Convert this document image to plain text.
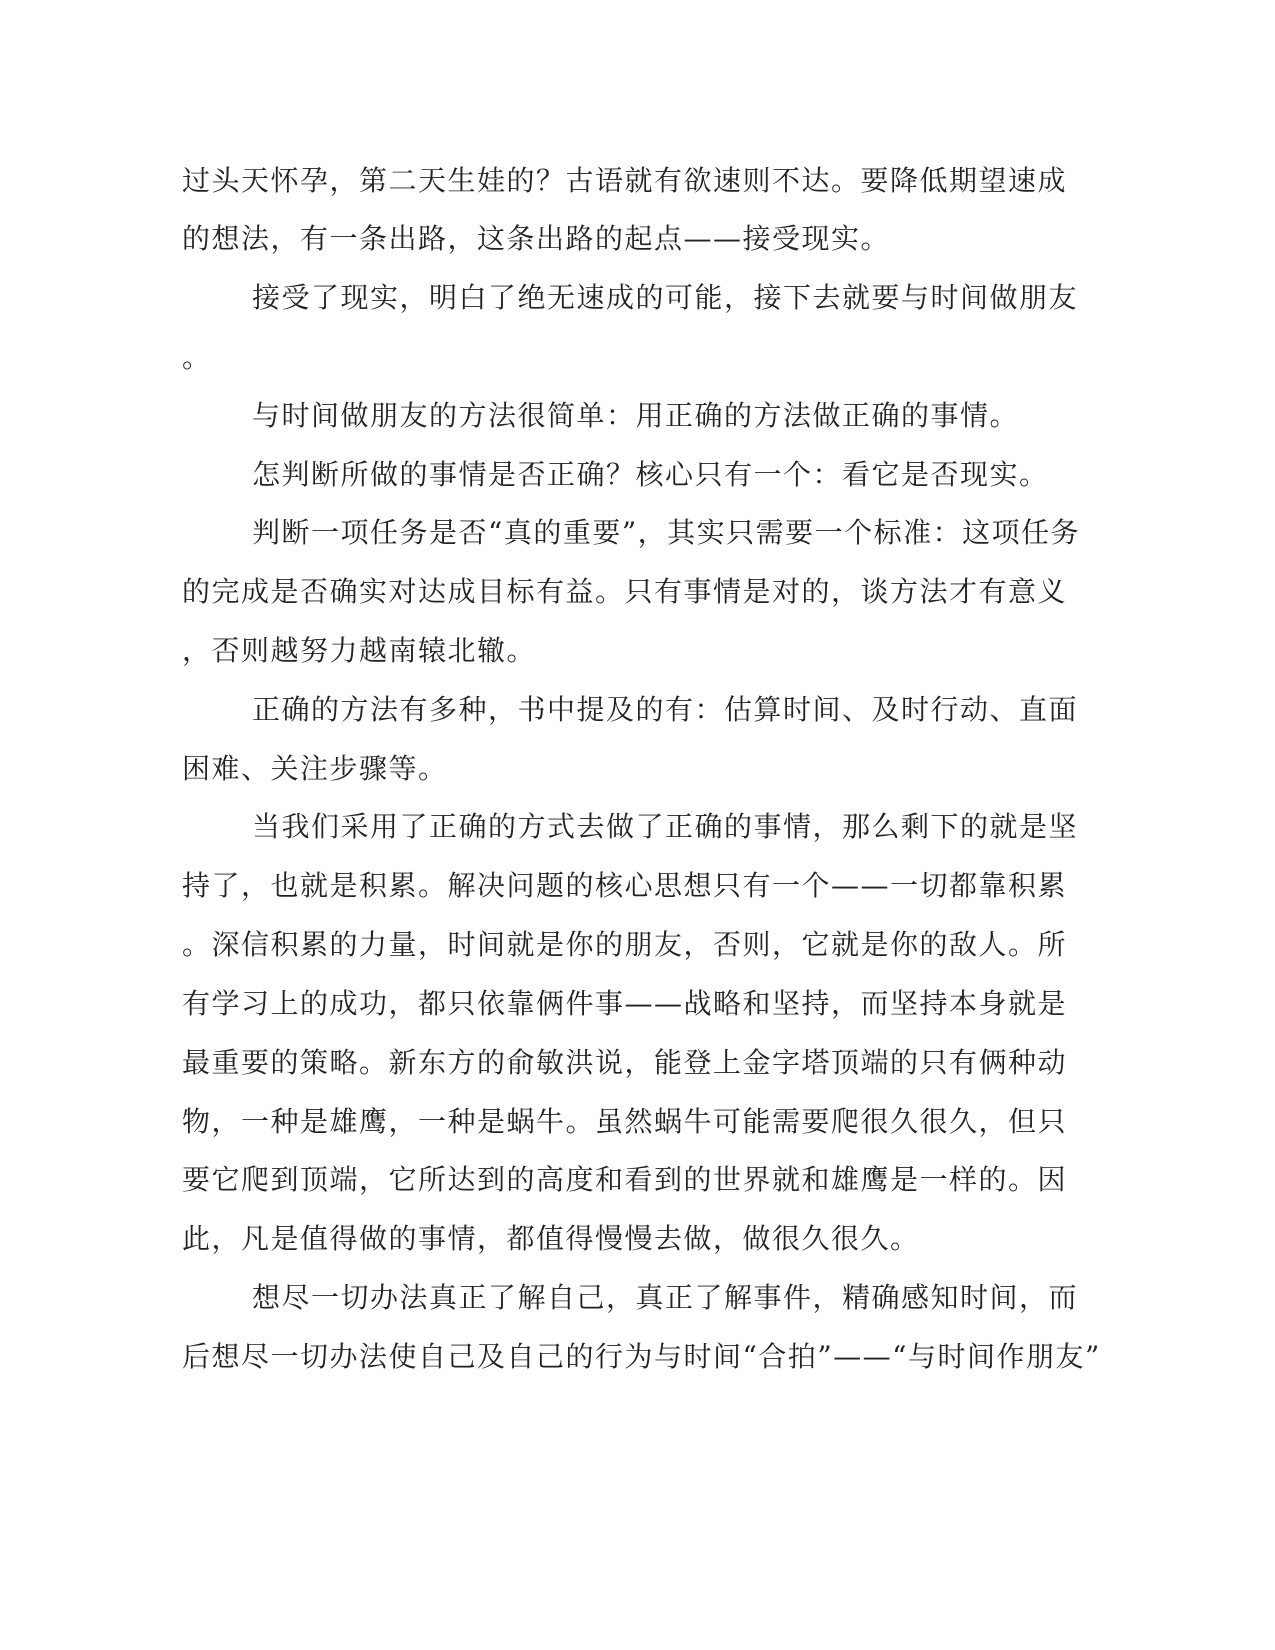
过头天怀孕，第二天生娃的？古语就有欲速则不达。要降低期望速成
的想法，有一条出路，这条出路的起点——接受现实。
接受了现实，明白了绝无速成的可能，接下去就要与时间做朋友
。
与时间做朋友的方法很简单：用正确的方法做正确的事情。
怎判断所做的事情是否正确？核心只有一个：看它是否现实。
判断一项任务是否“真的重要”，其实只需要一个标准：这项任务
的完成是否确实对达成目标有益。只有事情是对的，谈方法才有意义
，否则越努力越南辕北辙。
正确的方法有多种，书中提及的有：估算时间、及时行动、直面
困难、关注步骤等。
当我们采用了正确的方式去做了正确的事情，那么剩下的就是坚
持了，也就是积累。解决问题的核心思想只有一个——一切都靠积累
。深信积累的力量，时间就是你的朋友，否则，它就是你的敌人。所
有学习上的成功，都只依靠俩件事——战略和坚持，而坚持本身就是
最重要的策略。新东方的俞敏洪说，能登上金字塔顶端的只有俩种动
物，一种是雄鹰，一种是蜗牛。虽然蜗牛可能需要爬很久很久，但只
要它爬到顶端，它所达到的高度和看到的世界就和雄鹰是一样的。因
此，凡是值得做的事情，都值得慢慢去做，做很久很久。
想尽一切办法真正了解自己，真正了解事件，精确感知时间，而
后想尽一切办法使自己及自己的行为与时间“合拍”——“与时间作朋友”
